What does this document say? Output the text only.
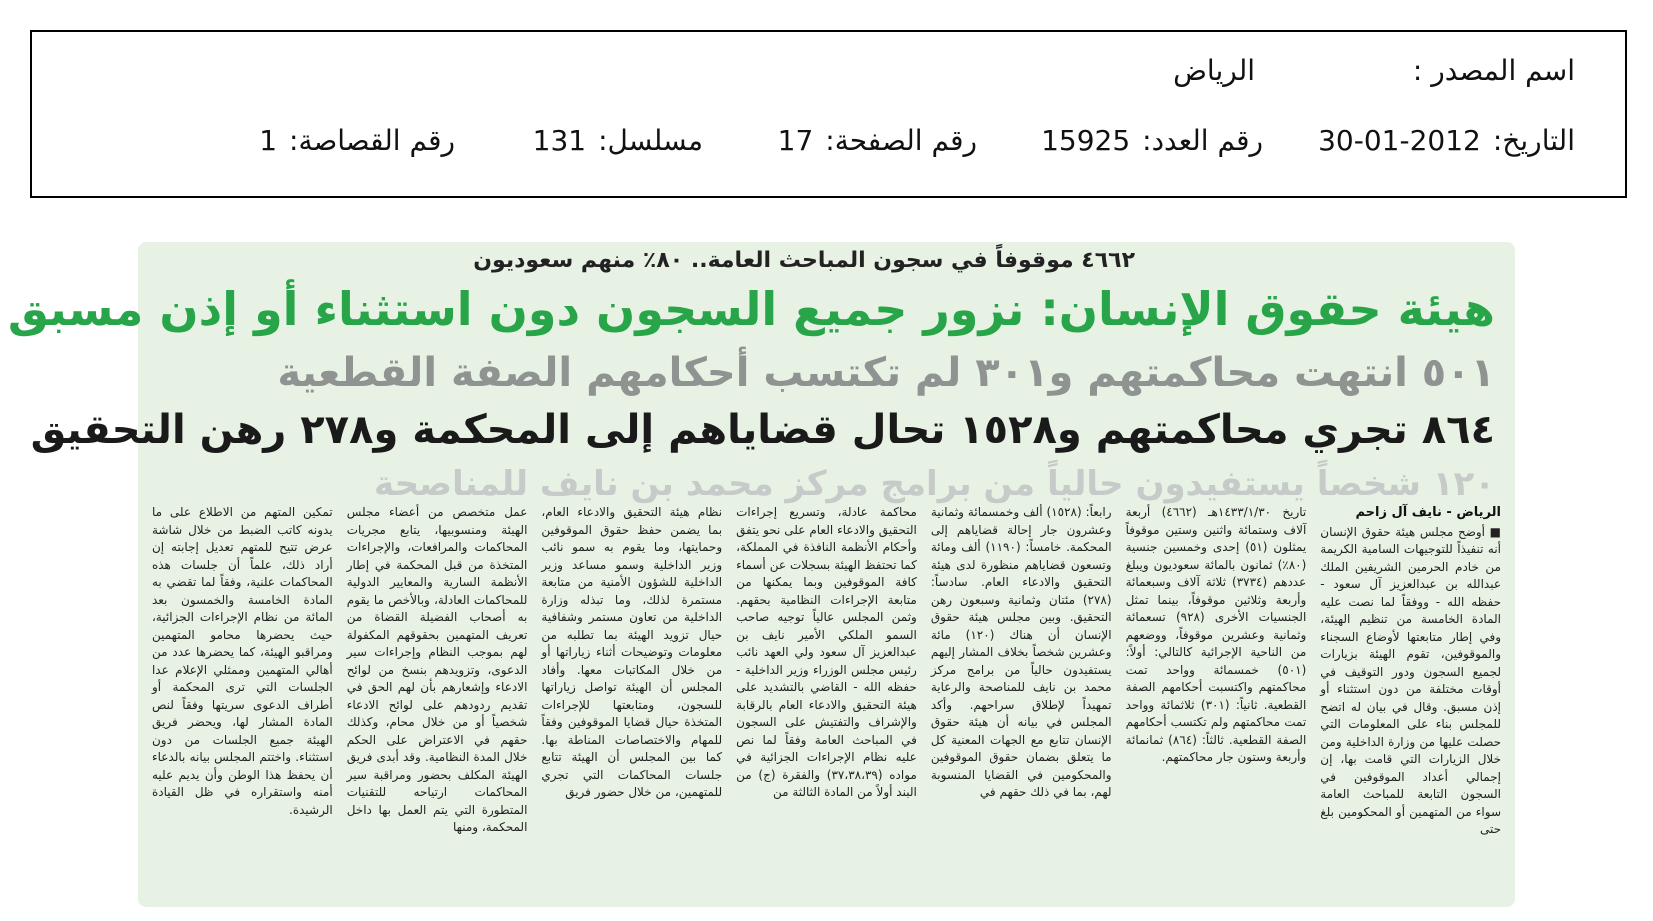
اسم المصدر :
الرياض
التاريخ:2012-01-30
رقم العدد:15925
رقم الصفحة:17
مسلسل:131
رقم القصاصة:1
٤٦٦٢ موقوفاً في سجون المباحث العامة.. ٨٠٪ منهم سعوديون
هيئة حقوق الإنسان: نزور جميع السجون دون استثناء أو إذن مسبق
٥٠١ انتهت محاكمتهم و٣٠١ لم تكتسب أحكامهم الصفة القطعية
٨٦٤ تجري محاكمتهم و١٥٢٨ تحال قضاياهم إلى المحكمة و٢٧٨ رهن التحقيق
١٢٠ شخصاً يستفيدون حالياً من برامج مركز محمد بن نايف للمناصحة
الرياض - نايف آل زاحم

■ أوضح مجلس هيئة حقوق الإنسان أنه تنفيذاً للتوجيهات السامية الكريمة من خادم الحرمين الشريفين الملك عبدالله بن عبدالعزيز آل سعود - حفظه الله - ووفقاً لما نصت عليه المادة الخامسة من تنظيم الهيئة، وفي إطار متابعتها لأوضاع السجناء والموقوفين، تقوم الهيئة بزيارات لجميع السجون ودور التوقيف في أوقات مختلفة من دون استثناء أو إذن مسبق. وقال في بيان له اتضح للمجلس بناء على المعلومات التي حصلت عليها من وزارة الداخلية ومن خلال الزيارات التي قامت بها، إن إجمالي أعداد الموقوفين في السجون التابعة للمباحث العامة سواء من المتهمين أو المحكومين بلغ حتى

تاريخ ١٤٣٣/١/٣٠هـ (٤٦٦٢) أربعة آلاف وستمائة واثنين وستين موقوفاً يمثلون (٥١) إحدى وخمسين جنسية (٨٠٪) ثمانون بالمائة سعوديون ويبلغ عددهم (٣٧٣٤) ثلاثة آلاف وسبعمائة وأربعة وثلاثين موقوفاً، بينما تمثل الجنسيات الأخرى (٩٢٨) تسعمائة وثمانية وعشرين موقوفاً، ووضعهم من الناحية الإجرائية كالتالي: أولاً: (٥٠١) خمسمائة وواحد تمت محاكمتهم واكتسبت أحكامهم الصفة القطعية. ثانياً: (٣٠١) ثلاثمائة وواحد تمت محاكمتهم ولم تكتسب أحكامهم الصفة القطعية. ثالثاً: (٨٦٤) ثمانمائة وأربعة وستون جار محاكمتهم.

رابعاً: (١٥٢٨) ألف وخمسمائة وثمانية وعشرون جار إحالة قضاياهم إلى المحكمة. خامساً: (١١٩٠) ألف ومائة وتسعون قضاياهم منظورة لدى هيئة التحقيق والادعاء العام. سادساً: (٢٧٨) مئتان وثمانية وسبعون رهن التحقيق. وبين مجلس هيئة حقوق الإنسان أن هناك (١٢٠) مائة وعشرين شخصاً بخلاف المشار إليهم يستفيدون حالياً من برامج مركز محمد بن نايف للمناصحة والرعاية تمهيداً لإطلاق سراحهم. وأكد المجلس في بيانه أن هيئة حقوق الإنسان تتابع مع الجهات المعنية كل ما يتعلق بضمان حقوق الموقوفين والمحكومين في القضايا المنسوبة لهم، بما في ذلك حقهم في

محاكمة عادلة، وتسريع إجراءات التحقيق والادعاء العام على نحو يتفق وأحكام الأنظمة النافذة في المملكة، كما تحتفظ الهيئة بسجلات عن أسماء كافة الموقوفين وبما يمكنها من متابعة الإجراءات النظامية بحقهم. وثمن المجلس عالياً توجيه صاحب السمو الملكي الأمير نايف بن عبدالعزيز آل سعود ولي العهد نائب رئيس مجلس الوزراء وزير الداخلية - حفظه الله - القاضي بالتشديد على هيئة التحقيق والادعاء العام بالرقابة والإشراف والتفتيش على السجون في المباحث العامة وفقاً لما نص عليه نظام الإجراءات الجزائية في مواده (٣٧،٣٨،٣٩) والفقرة (ج) من البند أولاً من المادة الثالثة من

نظام هيئة التحقيق والادعاء العام، بما يضمن حفظ حقوق الموقوفين وحمايتها، وما يقوم به سمو نائب وزير الداخلية وسمو مساعد وزير الداخلية للشؤون الأمنية من متابعة مستمرة لذلك، وما تبذله وزارة الداخلية من تعاون مستمر وشفافية حيال تزويد الهيئة بما تطلبه من معلومات وتوضيحات أثناء زياراتها أو من خلال المكاتبات معها. وأفاد المجلس أن الهيئة تواصل زياراتها للسجون، ومتابعتها للإجراءات المتخذة حيال قضايا الموقوفين وفقاً للمهام والاختصاصات المناطة بها. كما بين المجلس أن الهيئة تتابع جلسات المحاكمات التي تجري للمتهمين، من خلال حضور فريق

عمل متخصص من أعضاء مجلس الهيئة ومنسوبيها، يتابع مجريات المحاكمات والمرافعات، والإجراءات المتخذة من قبل المحكمة في إطار الأنظمة السارية والمعايير الدولية للمحاكمات العادلة، وبالأخص ما يقوم به أصحاب الفضيلة القضاة من تعريف المتهمين بحقوقهم المكفولة لهم بموجب النظام وإجراءات سير الدعوى، وتزويدهم بنسخ من لوائح الادعاء وإشعارهم بأن لهم الحق في تقديم ردودهم على لوائح الادعاء شخصياً أو من خلال محام، وكذلك حقهم في الاعتراض على الحكم خلال المدة النظامية. وقد أبدى فريق الهيئة المكلف بحضور ومراقبة سير المحاكمات ارتياحه للتقنيات المتطورة التي يتم العمل بها داخل المحكمة، ومنها

تمكين المتهم من الاطلاع على ما يدونه كاتب الضبط من خلال شاشة عرض تتيح للمتهم تعديل إجابته إن أراد ذلك، علماً أن جلسات هذه المحاكمات علنية، وفقاً لما تقضي به المادة الخامسة والخمسون بعد المائة من نظام الإجراءات الجزائية، حيث يحضرها محامو المتهمين ومراقبو الهيئة، كما يحضرها عدد من أهالي المتهمين وممثلي الإعلام عدا الجلسات التي ترى المحكمة أو أطراف الدعوى سريتها وفقاً لنص المادة المشار لها، ويحضر فريق الهيئة جميع الجلسات من دون استثناء. واختتم المجلس بيانه بالدعاء أن يحفظ هذا الوطن وأن يديم عليه أمنه واستقراره في ظل القيادة الرشيدة.
